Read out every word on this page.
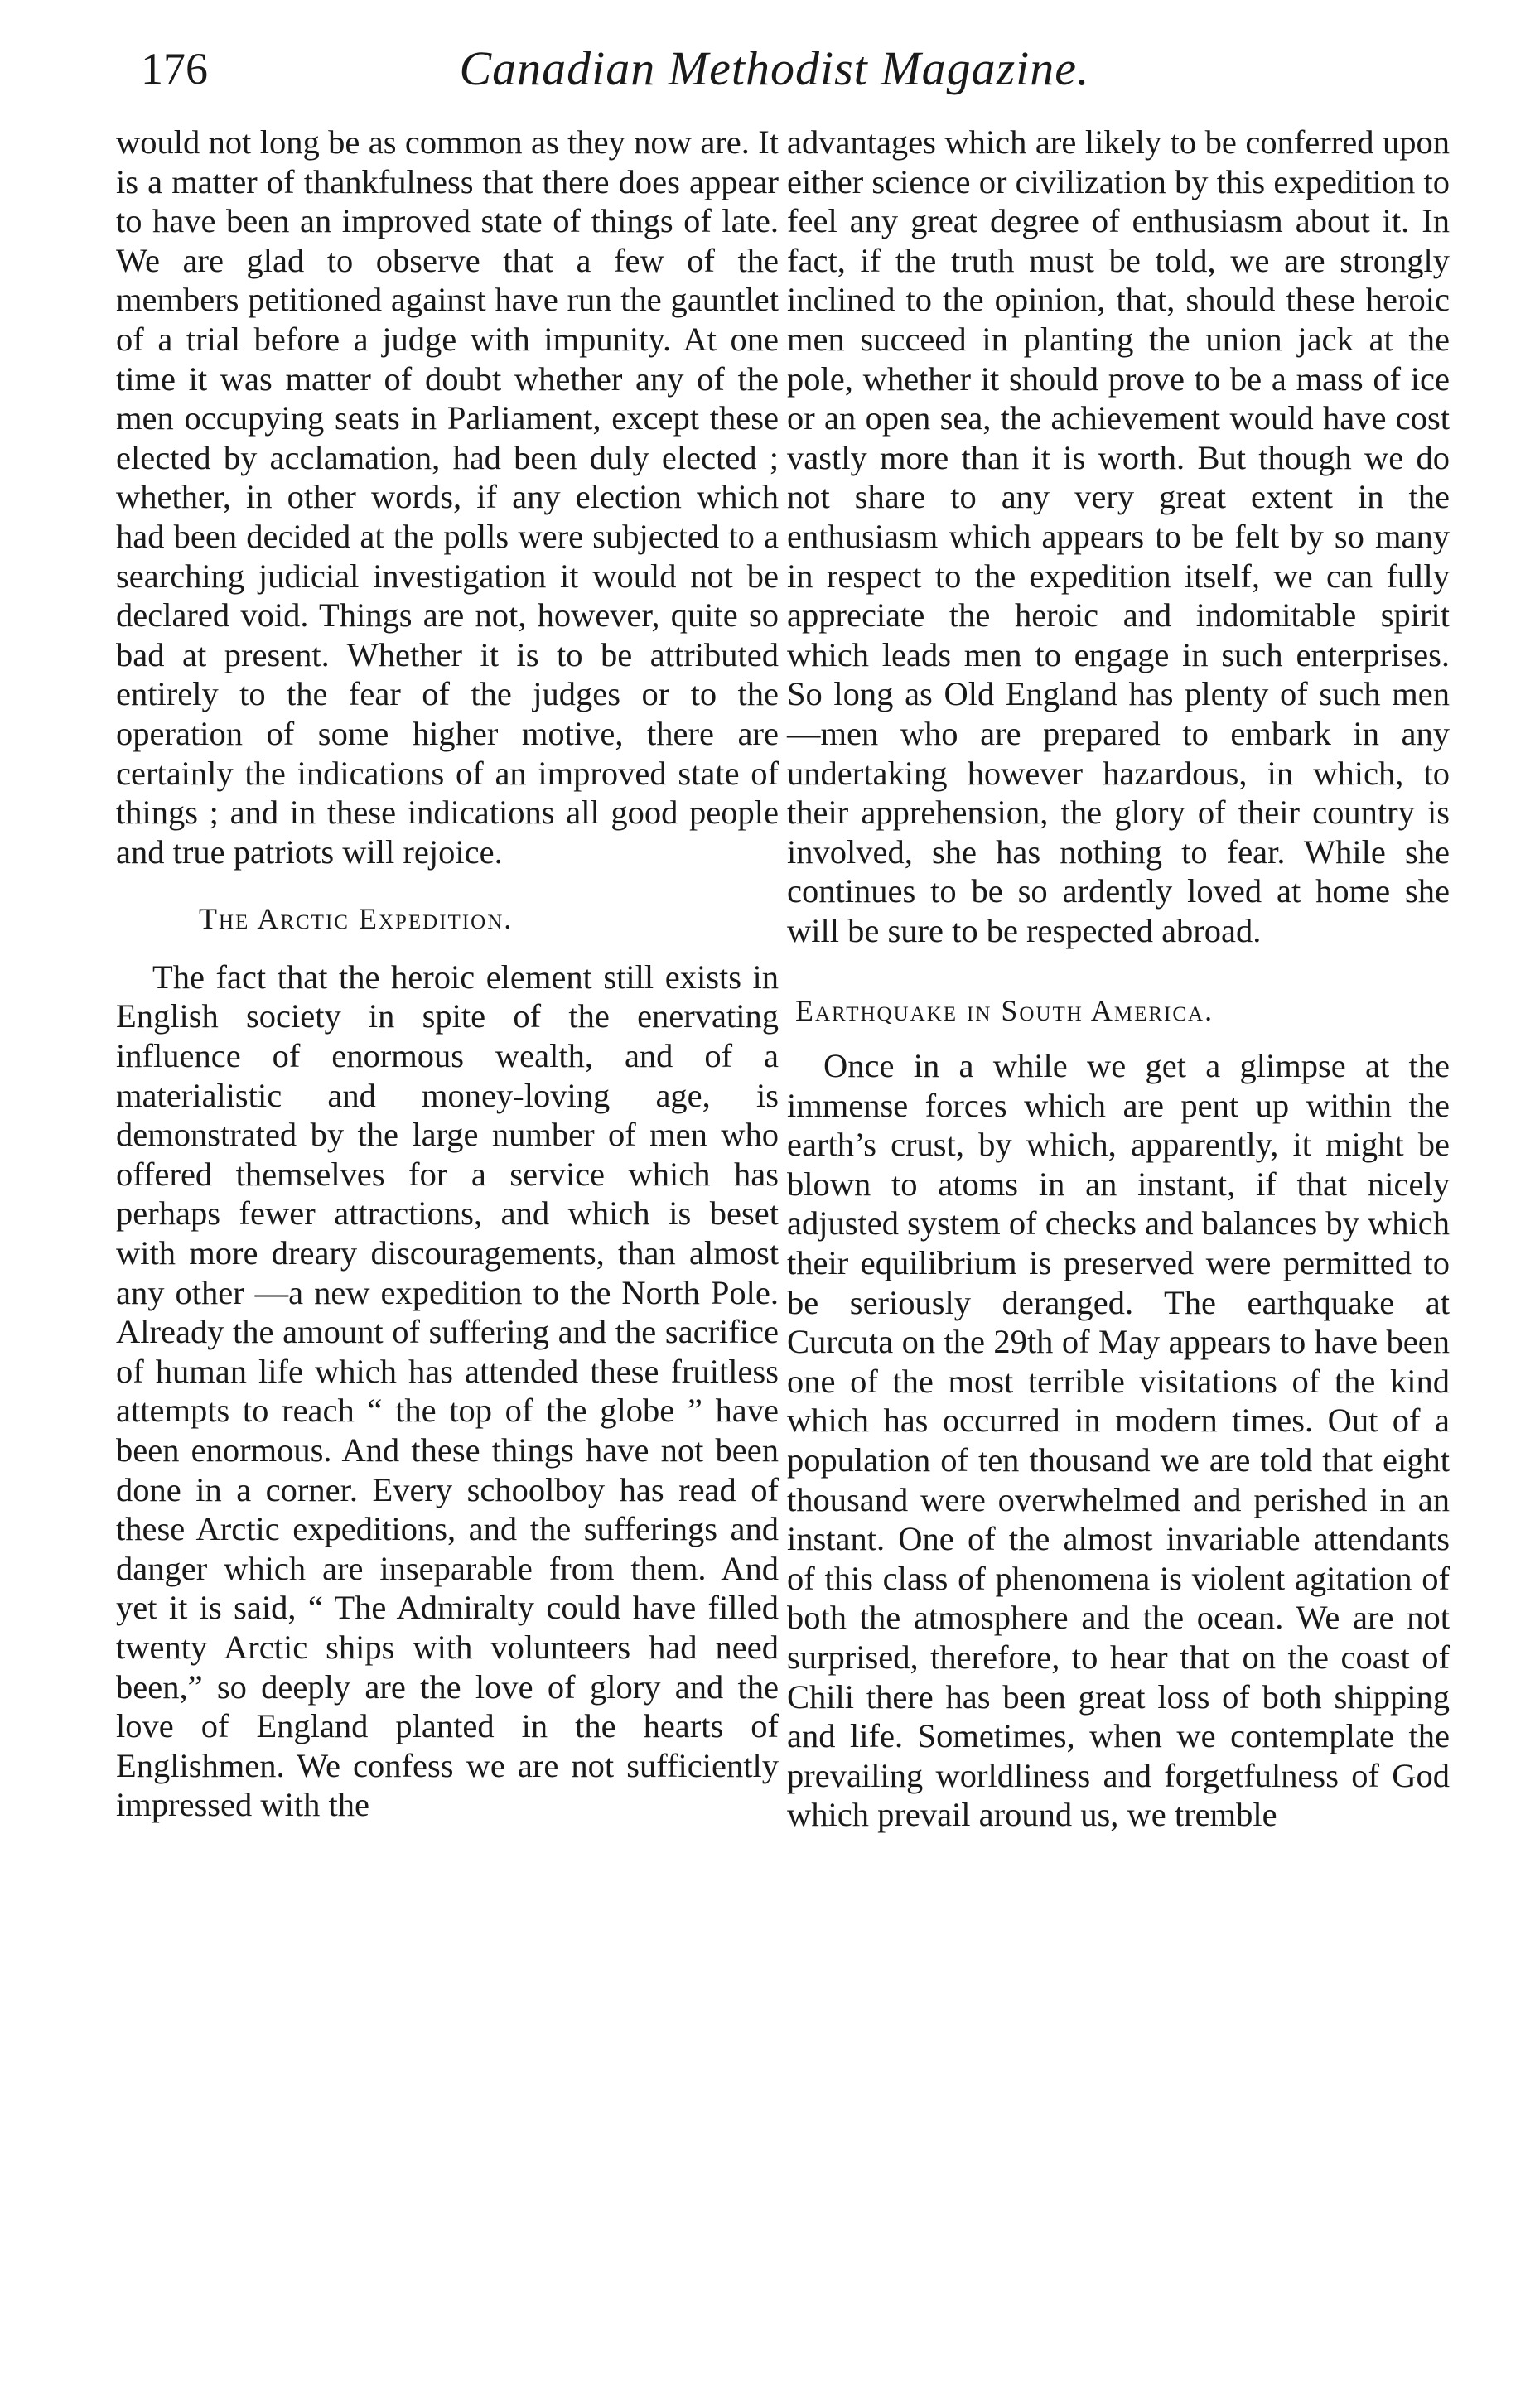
176	Canadian Methodist Magazine.

would not long be as common as they now are. It is a matter of thankfulness that there does appear to have been an improved state of things of late. We are glad to observe that a few of the members petitioned against have run the gauntlet of a trial before a judge with impunity. At one time it was matter of doubt whether any of the men occupying seats in Parliament, except these elected by acclamation, had been duly elected ; whether, in other words, if any election which had been decided at the polls were subjected to a searching judicial investigation it would not be declared void. Things are not, however, quite so bad at present. Whether it is to be attributed entirely to the fear of the judges or to the operation of some higher motive, there are certainly the indications of an improved state of things ; and in these indications all good people and true patriots will rejoice.

The Arctic Expedition.

The fact that the heroic element still exists in English society in spite of the enervating influence of enormous wealth, and of a materialistic and money-loving age, is demonstrated by the large number of men who offered themselves for a service which has perhaps fewer attractions, and which is beset with more dreary discouragements, than almost any other —a new expedition to the North Pole. Already the amount of suffering and the sacrifice of human life which has attended these fruitless attempts to reach “ the top of the globe ” have been enormous. And these things have not been done in a corner. Every schoolboy has read of these Arctic expeditions, and the sufferings and danger which are inseparable from them. And yet it is said, “ The Admiralty could have filled twenty Arctic ships with volunteers had need been,” so deeply are the love of glory and the love of England planted in the hearts of Englishmen. We confess we are not sufficiently impressed with the

advantages which are likely to be conferred upon either science or civilization by this expedition to feel any great degree of enthusiasm about it. In fact, if the truth must be told, we are strongly inclined to the opinion, that, should these heroic men succeed in planting the union jack at the pole, whether it should prove to be a mass of ice or an open sea, the achievement would have cost vastly more than it is worth. But though we do not share to any very great extent in the enthusiasm which appears to be felt by so many in respect to the expedition itself, we can fully appreciate the heroic and indomitable spirit which leads men to engage in such enterprises. So long as Old England has plenty of such men—men who are prepared to embark in any undertaking however hazardous, in which, to their apprehension, the glory of their country is involved, she has nothing to fear. While she continues to be so ardently loved at home she will be sure to be respected abroad.

Earthquake in South America.

Once in a while we get a glimpse at the immense forces which are pent up within the earth’s crust, by which, apparently, it might be blown to atoms in an instant, if that nicely adjusted system of checks and balances by which their equilibrium is preserved were permitted to be seriously deranged. The earthquake at Curcuta on the 29th of May appears to have been one of the most terrible visitations of the kind which has occurred in modern times. Out of a population of ten thousand we are told that eight thousand were overwhelmed and perished in an instant. One of the almost invariable attendants of this class of phenomena is violent agitation of both the atmosphere and the ocean. We are not surprised, therefore, to hear that on the coast of Chili there has been great loss of both shipping and life. Sometimes, when we contemplate the prevailing worldliness and forgetfulness of God which prevail around us, we tremble
